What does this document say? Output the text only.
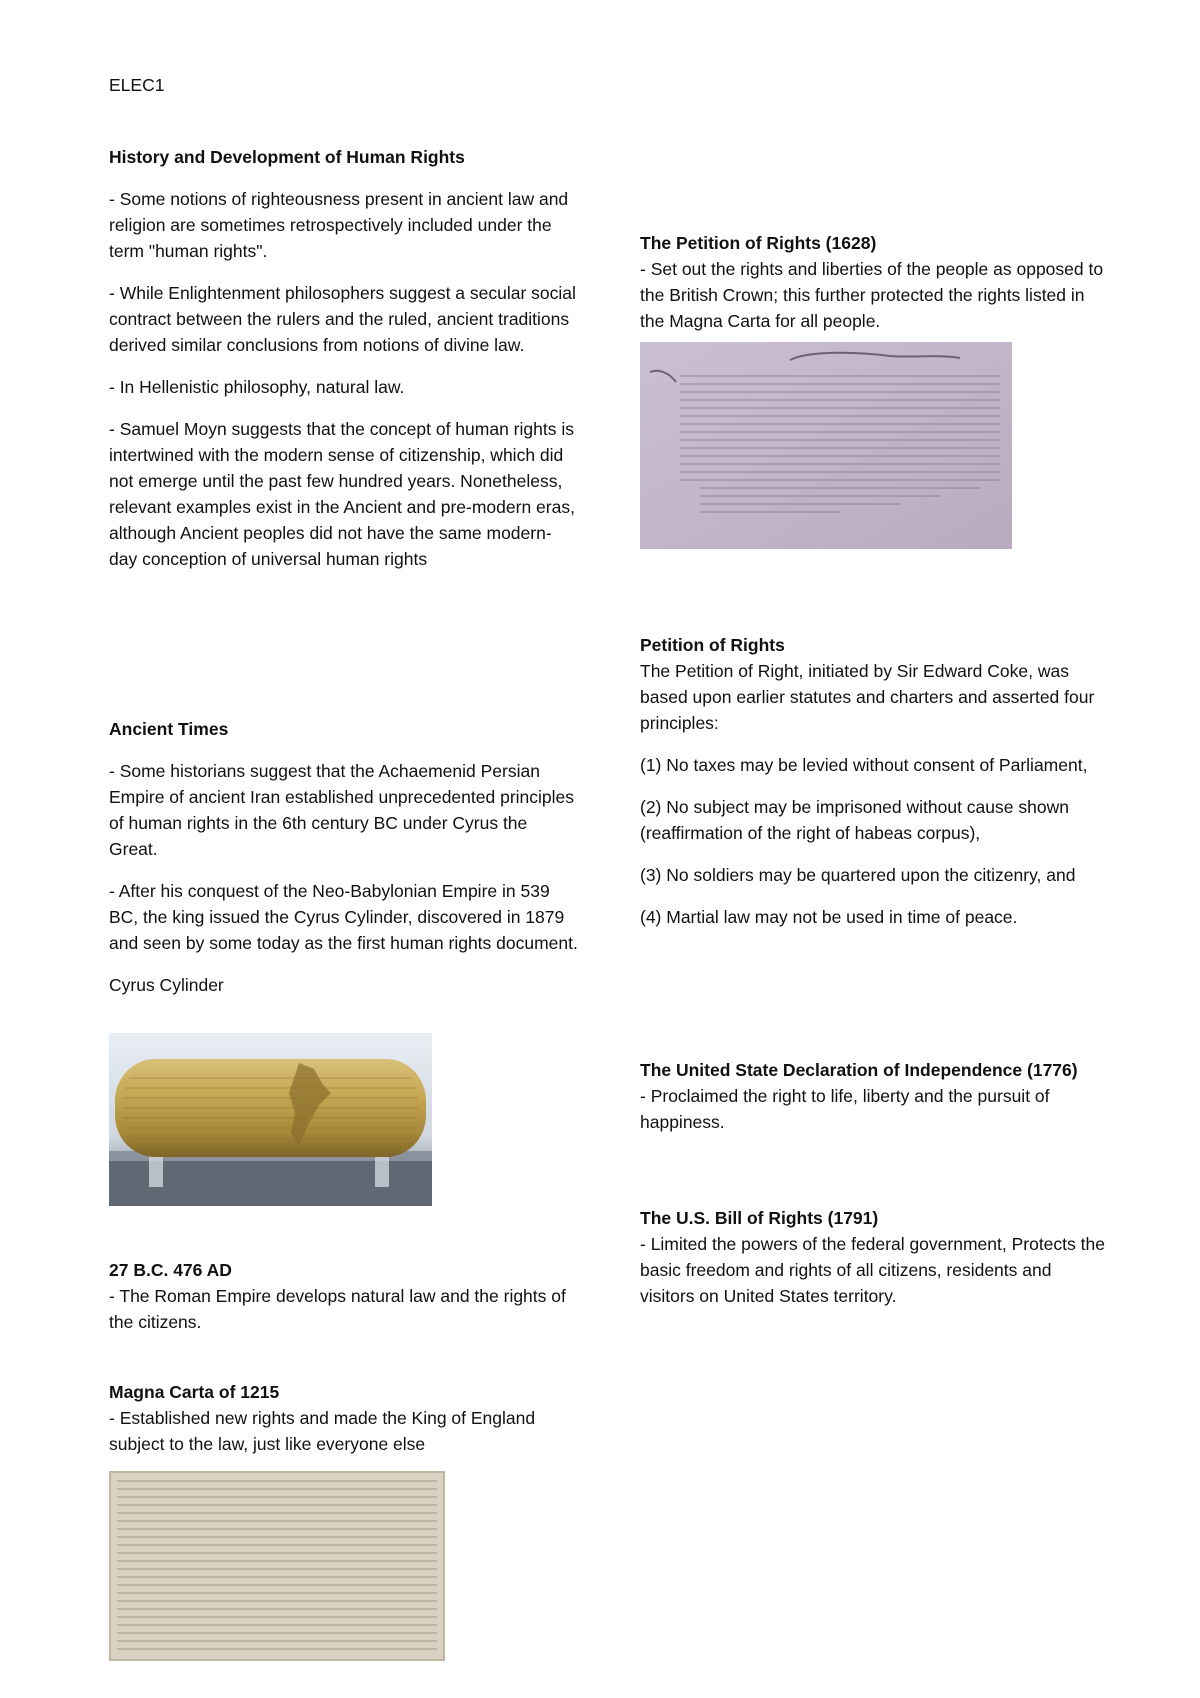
ELEC1

History and Development of Human Rights

- Some notions of righteousness present in ancient law and religion are sometimes retrospectively included under the term "human rights".

- While Enlightenment philosophers suggest a secular social contract between the rulers and the ruled, ancient traditions derived similar conclusions from notions of divine law.

- In Hellenistic philosophy, natural law.

- Samuel Moyn suggests that the concept of human rights is intertwined with the modern sense of citizenship, which did not emerge until the past few hundred years. Nonetheless, relevant examples exist in the Ancient and pre-modern eras, although Ancient peoples did not have the same modern-day conception of universal human rights

Ancient Times

- Some historians suggest that the Achaemenid Persian Empire of ancient Iran established unprecedented principles of human rights in the 6th century BC under Cyrus the Great.

- After his conquest of the Neo-Babylonian Empire in 539 BC, the king issued the Cyrus Cylinder, discovered in 1879 and seen by some today as the first human rights document.

Cyrus Cylinder

27 B.C. 476 AD

- The Roman Empire develops natural law and the rights of the citizens.

Magna Carta of 1215

- Established new rights and made the King of England subject to the law, just like everyone else

The Petition of Rights (1628)

- Set out the rights and liberties of the people as opposed to the British Crown; this further protected the rights listed in the Magna Carta for all people.

Petition of Rights

The Petition of Right, initiated by Sir Edward Coke, was based upon earlier statutes and charters and asserted four principles:

(1) No taxes may be levied without consent of Parliament,

(2) No subject may be imprisoned without cause shown (reaffirmation of the right of habeas corpus),

(3) No soldiers may be quartered upon the citizenry, and

(4) Martial law may not be used in time of peace.

The United State Declaration of Independence (1776)

- Proclaimed the right to life, liberty and the pursuit of happiness.

The U.S. Bill of Rights (1791)

- Limited the powers of the federal government, Protects the basic freedom and rights of all citizens, residents and visitors on United States territory.
